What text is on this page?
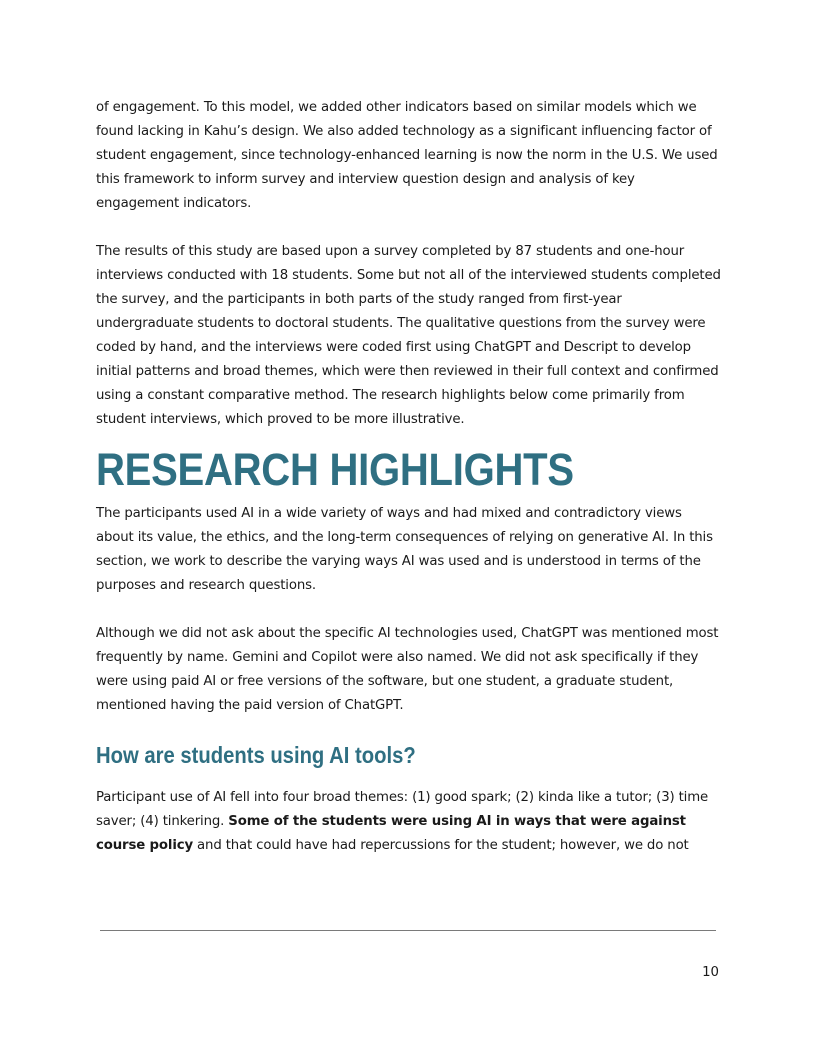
of engagement. To this model, we added other indicators based on similar models which we found lacking in Kahu’s design. We also added technology as a significant influencing factor of student engagement, since technology-enhanced learning is now the norm in the U.S. We used this framework to inform survey and interview question design and analysis of key engagement indicators.

The results of this study are based upon a survey completed by 87 students and one-hour interviews conducted with 18 students. Some but not all of the interviewed students completed the survey, and the participants in both parts of the study ranged from first-year undergraduate students to doctoral students. The qualitative questions from the survey were coded by hand, and the interviews were coded first using ChatGPT and Descript to develop initial patterns and broad themes, which were then reviewed in their full context and confirmed using a constant comparative method. The research highlights below come primarily from student interviews, which proved to be more illustrative.

RESEARCH HIGHLIGHTS

The participants used AI in a wide variety of ways and had mixed and contradictory views about its value, the ethics, and the long-term consequences of relying on generative AI. In this section, we work to describe the varying ways AI was used and is understood in terms of the purposes and research questions.

Although we did not ask about the specific AI technologies used, ChatGPT was mentioned most frequently by name. Gemini and Copilot were also named. We did not ask specifically if they were using paid AI or free versions of the software, but one student, a graduate student, mentioned having the paid version of ChatGPT.

How are students using AI tools?

Participant use of AI fell into four broad themes: (1) good spark; (2) kinda like a tutor; (3) time saver; (4) tinkering. Some of the students were using AI in ways that were against course policy and that could have had repercussions for the student; however, we do not

10
